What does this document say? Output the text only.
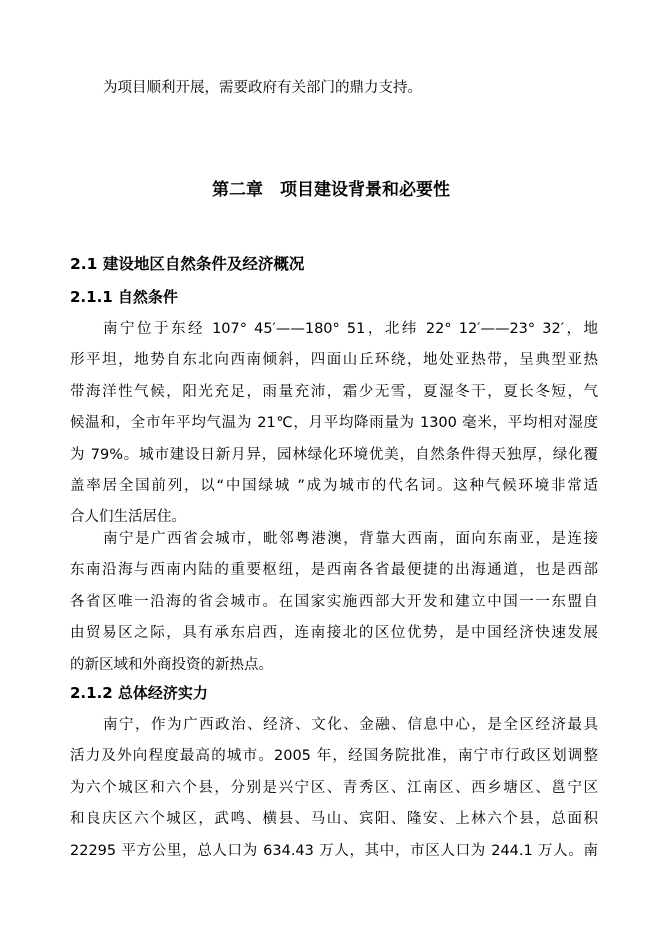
为项目顺利开展，需要政府有关部门的鼎力支持。
第二章　项目建设背景和必要性
2.1 建设地区自然条件及经济概况
2.1.1 自然条件
南宁位于东经 107° 45′——180° 51，北纬 22° 12′——23° 32′，地
形平坦，地势自东北向西南倾斜，四面山丘环绕，地处亚热带，呈典型亚热
带海洋性气候，阳光充足，雨量充沛，霜少无雪，夏湿冬干，夏长冬短，气
候温和，全市年平均气温为 21℃，月平均降雨量为 1300 毫米，平均相对湿度
为 79%。城市建设日新月异，园林绿化环境优美，自然条件得天独厚，绿化覆
盖率居全国前列，以“中国绿城 ”成为城市的代名词。这种气候环境非常适
合人们生活居住。
南宁是广西省会城市，毗邻粤港澳，背靠大西南，面向东南亚，是连接
东南沿海与西南内陆的重要枢纽，是西南各省最便捷的出海通道，也是西部
各省区唯一沿海的省会城市。在国家实施西部大开发和建立中国一一东盟自
由贸易区之际，具有承东启西，连南接北的区位优势，是中国经济快速发展
的新区域和外商投资的新热点。
2.1.2 总体经济实力
南宁，作为广西政治、经济、文化、金融、信息中心，是全区经济最具
活力及外向程度最高的城市。2005 年，经国务院批准，南宁市行政区划调整
为六个城区和六个县，分别是兴宁区、青秀区、江南区、西乡塘区、邕宁区
和良庆区六个城区，武鸣、横县、马山、宾阳、隆安、上林六个县，总面积
22295 平方公里，总人口为 634.43 万人，其中，市区人口为 244.1 万人。南
